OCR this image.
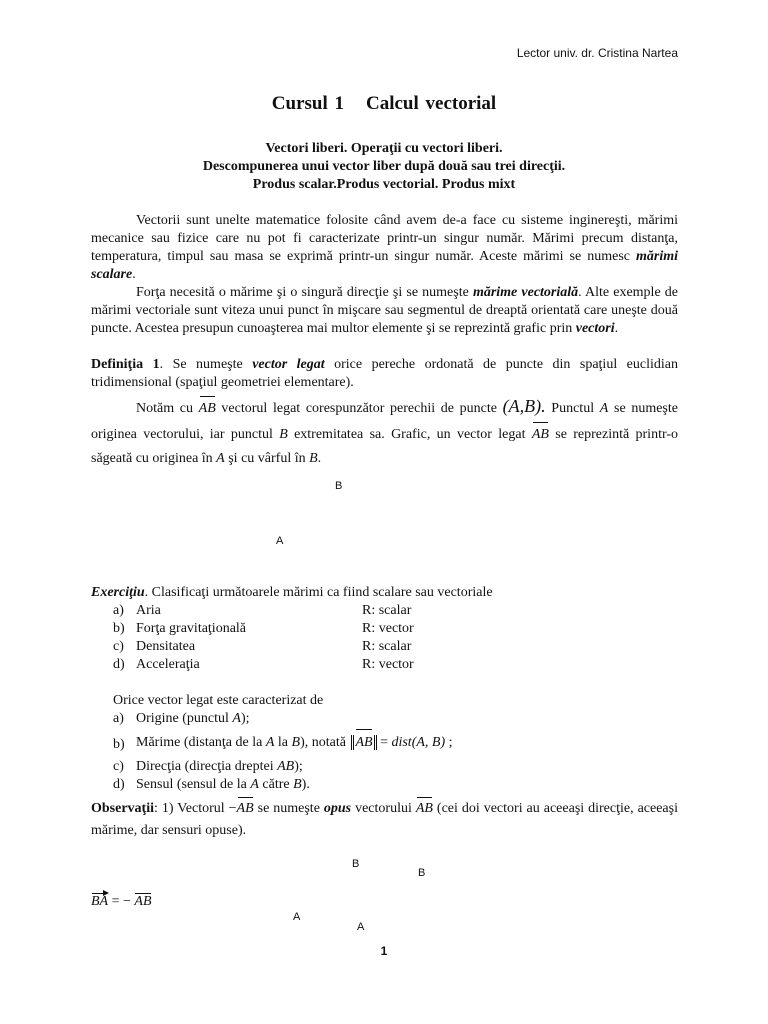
Lector univ. dr. Cristina Nartea
Cursul 1 Calcul vectorial
Vectori liberi. Operaţii cu vectori liberi.
Descompunerea unui vector liber după două sau trei direcţii.
Produs scalar.Produs vectorial. Produs mixt
Vectorii sunt unelte matematice folosite când avem de-a face cu sisteme inginereşti, mărimi mecanice sau fizice care nu pot fi caracterizate printr-un singur număr. Mărimi precum distanţa, temperatura, timpul sau masa se exprimă printr-un singur număr. Aceste mărimi se numesc mărimi scalare.
Forţa necesită o mărime şi o singură direcţie şi se numeşte mărime vectorială. Alte exemple de mărimi vectoriale sunt viteza unui punct în mişcare sau segmentul de dreaptă orientată care uneşte două puncte. Acestea presupun cunoaşterea mai multor elemente şi se reprezintă grafic prin vectori.
Definiţia 1. Se numeşte vector legat orice pereche ordonată de puncte din spaţiul euclidian tridimensional (spaţiul geometriei elementare).
Notăm cu AB vectorul legat corespunzător perechii de puncte (A,B). Punctul A se numeşte originea vectorului, iar punctul B extremitatea sa. Grafic, un vector legat AB se reprezintă printr-o săgeată cu originea în A şi cu vârful în B.
B
A
Exerciţiu. Clasificaţi următoarele mărimi ca fiind scalare sau vectoriale
a) Aria	R: scalar
b) Forţa gravitaţională	R: vector
c) Densitatea	R: scalar
d) Acceleraţia	R: vector
Orice vector legat este caracterizat de
a) Origine (punctul A);
b) Mărime (distanţa de la A la B), notată AB = dist(A, B) ;
c) Direcţia (direcţia dreptei AB);
d) Sensul (sensul de la A către B).
Observaţii: 1) Vectorul −AB se numeşte opus vectorului AB (cei doi vectori au aceeaşi direcţie, aceeaşi mărime, dar sensuri opuse).
BA = − AB
B
A
B
A
1
